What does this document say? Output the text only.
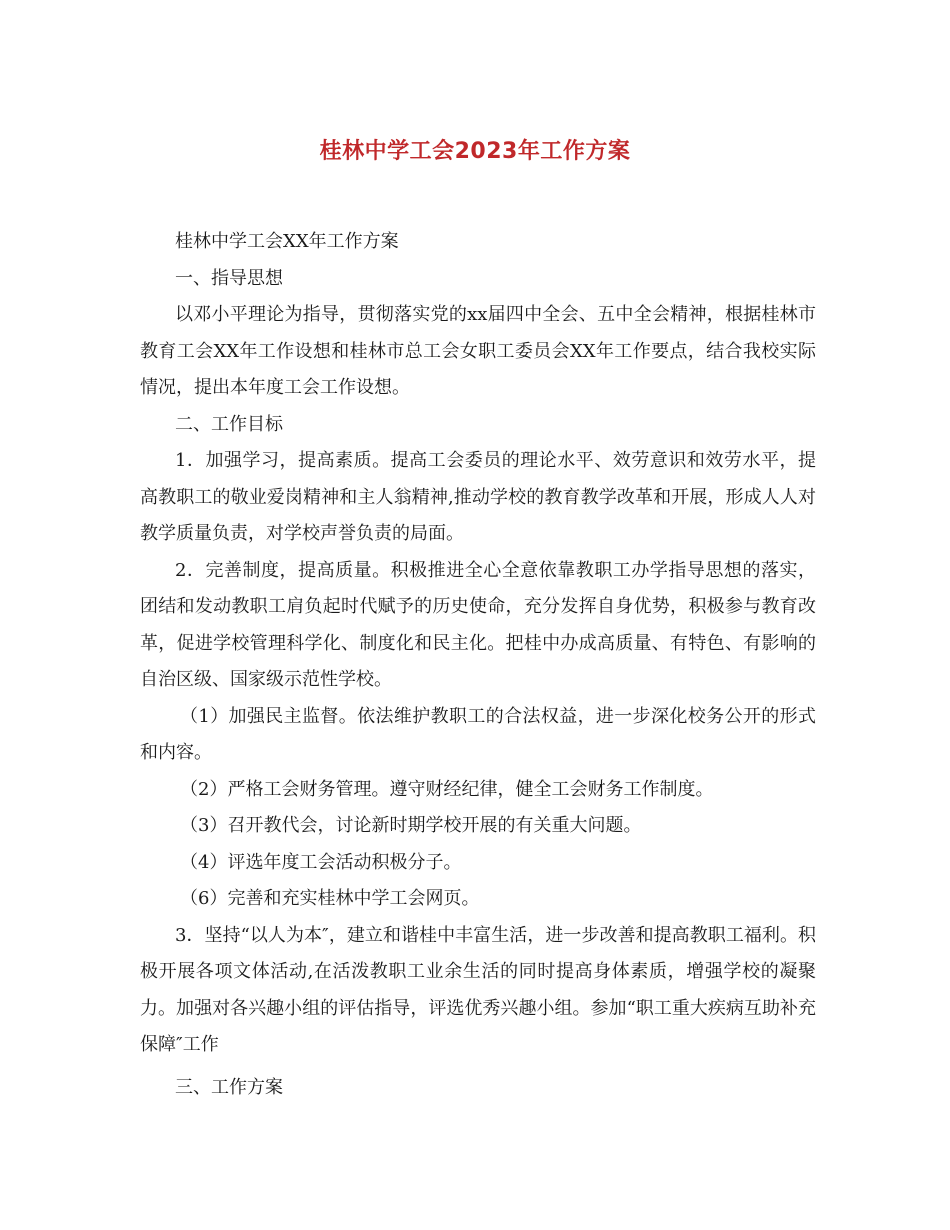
桂林中学工会2023年工作方案

桂林中学工会XX年工作方案

一、指导思想

以邓小平理论为指导，贯彻落实党的xx届四中全会、五中全会精神，根据桂林市教育工会XX年工作设想和桂林市总工会女职工委员会XX年工作要点，结合我校实际情况，提出本年度工会工作设想。

二、工作目标

1．加强学习，提高素质。提高工会委员的理论水平、效劳意识和效劳水平，提高教职工的敬业爱岗精神和主人翁精神,推动学校的教育教学改革和开展，形成人人对教学质量负责，对学校声誉负责的局面。

2．完善制度，提高质量。积极推进全心全意依靠教职工办学指导思想的落实，团结和发动教职工肩负起时代赋予的历史使命，充分发挥自身优势，积极参与教育改革，促进学校管理科学化、制度化和民主化。把桂中办成高质量、有特色、有影响的自治区级、国家级示范性学校。

（1）加强民主监督。依法维护教职工的合法权益，进一步深化校务公开的形式和内容。

（2）严格工会财务管理。遵守财经纪律，健全工会财务工作制度。

（3）召开教代会，讨论新时期学校开展的有关重大问题。

（4）评选年度工会活动积极分子。

（6）完善和充实桂林中学工会网页。

3．坚持“以人为本″，建立和谐桂中丰富生活，进一步改善和提高教职工福利。积极开展各项文体活动,在活泼教职工业余生活的同时提高身体素质，增强学校的凝聚力。加强对各兴趣小组的评估指导，评选优秀兴趣小组。参加“职工重大疾病互助补充保障″工作

三、工作方案
